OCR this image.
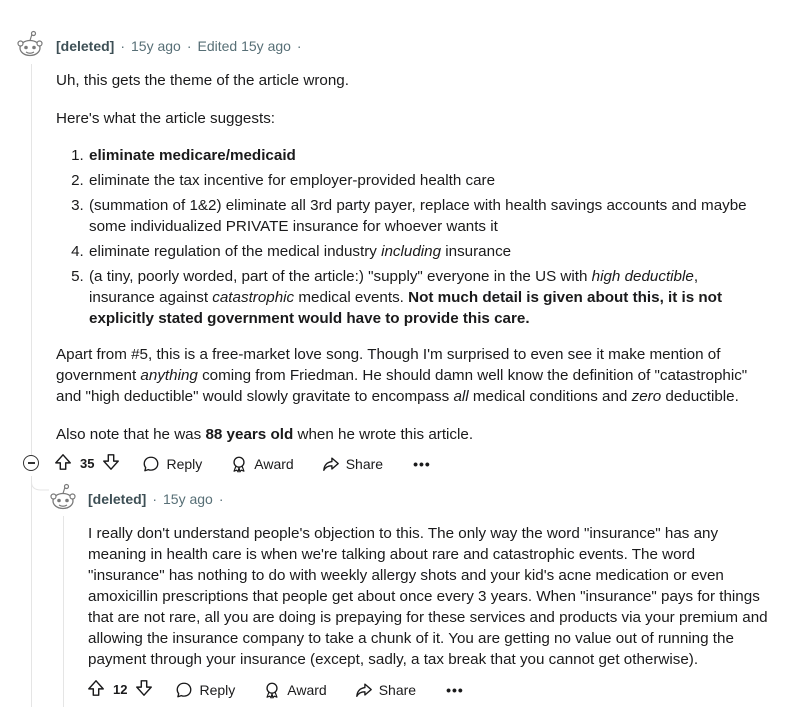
[deleted] · 15y ago · Edited 15y ago ·

Uh, this gets the theme of the article wrong.

Here's what the article suggests:

1. eliminate medicare/medicaid
2. eliminate the tax incentive for employer-provided health care
3. (summation of 1&2) eliminate all 3rd party payer, replace with health savings accounts and maybe some individualized PRIVATE insurance for whoever wants it
4. eliminate regulation of the medical industry including insurance
5. (a tiny, poorly worded, part of the article:) "supply" everyone in the US with high deductible, insurance against catastrophic medical events. Not much detail is given about this, it is not explicitly stated government would have to provide this care.

Apart from #5, this is a free-market love song. Though I'm surprised to even see it make mention of government anything coming from Friedman. He should damn well know the definition of "catastrophic" and "high deductible" would slowly gravitate to encompass all medical conditions and zero deductible.

Also note that he was 88 years old when he wrote this article.

35	Reply	Award	Share •••
[deleted] · 15y ago ·

I really don't understand people's objection to this. The only way the word "insurance" has any meaning in health care is when we're talking about rare and catastrophic events. The word "insurance" has nothing to do with weekly allergy shots and your kid's acne medication or even amoxicillin prescriptions that people get about once every 3 years. When "insurance" pays for things that are not rare, all you are doing is prepaying for these services and products via your premium and allowing the insurance company to take a chunk of it. You are getting no value out of running the payment through your insurance (except, sadly, a tax break that you cannot get otherwise).

12	Reply	Award	Share •••
